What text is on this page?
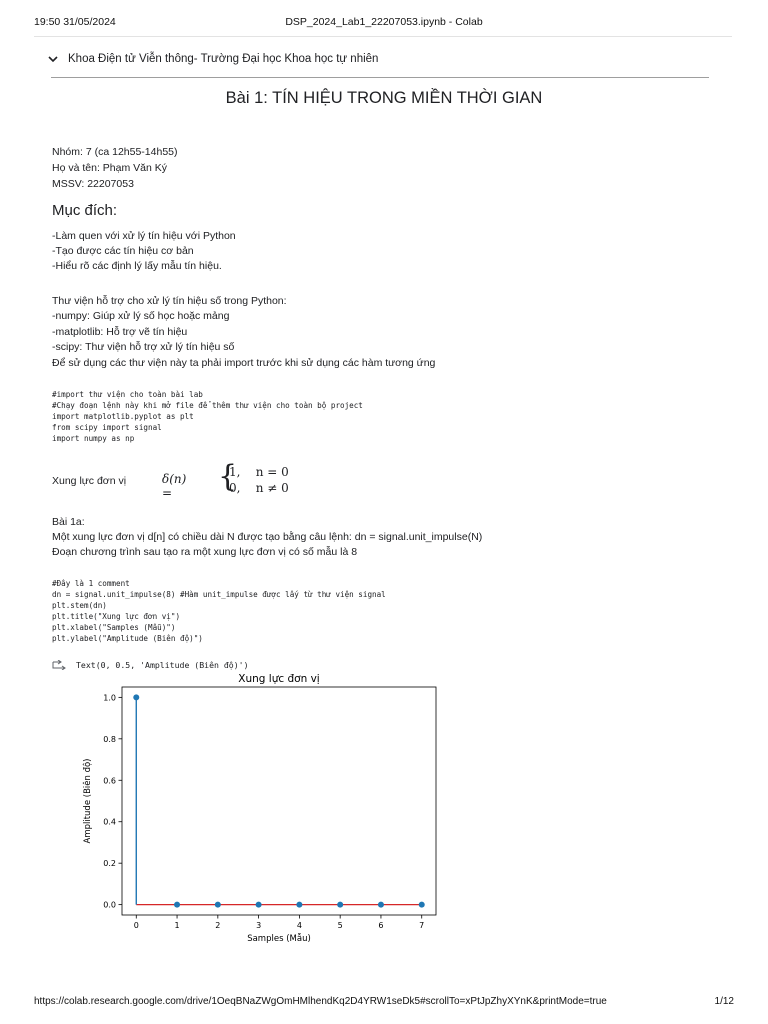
19:50 31/05/2024	DSP_2024_Lab1_22207053.ipynb - Colab
Khoa Điện tử Viễn thông- Trường Đại học Khoa học tự nhiên
Bài 1: TÍN HIỆU TRONG MIỀN THỜI GIAN
Nhóm: 7 (ca 12h55-14h55)
Họ và tên: Phạm Văn Ký
MSSV: 22207053
Mục đích:
-Làm quen với xử lý tín hiệu với Python
-Tạo được các tín hiệu cơ bản
-Hiểu rõ các định lý lấy mẫu tín hiệu.
Thư viện hỗ trợ cho xử lý tín hiệu số trong Python:
-numpy: Giúp xử lý số học hoặc mảng
-matplotlib: Hỗ trợ vẽ tín hiệu
-scipy: Thư viện hỗ trợ xử lý tín hiệu số
Để sử dụng các thư viện này ta phải import trước khi sử dụng các hàm tương ứng
#import thư viện cho toàn bài lab
#Chạy đoạn lệnh này khi mở file để thêm thư viện cho toàn bộ project
import matplotlib.pyplot as plt
from scipy import signal
import numpy as np
Xung lực đơn vị	δ(n) =	{
1,    n = 0
0,    n ≠ 0
Bài 1a:
Một xung lực đơn vị d[n] có chiều dài N được tạo bằng câu lệnh: dn = signal.unit_impulse(N)
Đoạn chương trình sau tạo ra một xung lực đơn vị có số mẫu là 8
#Đây là 1 comment
dn = signal.unit_impulse(8) #Hàm unit_impulse được lấy từ thư viện signal
plt.stem(dn)
plt.title("Xung lực đơn vị")
plt.xlabel("Samples (Mẫu)")
plt.ylabel("Amplitude (Biên độ)")
Text(0, 0.5, 'Amplitude (Biên độ)')
Xung lực đơn vị
0.0
0.2
0.4
0.6
0.8
1.0
0	1	2	3	4	5	6	7
Samples (Mẫu)
Amplitude (Biên độ)
https://colab.research.google.com/drive/1OeqBNaZWgOmHMlhendKq2D4YRW1seDk5#scrollTo=xPtJpZhyXYnK&printMode=true	1/12
